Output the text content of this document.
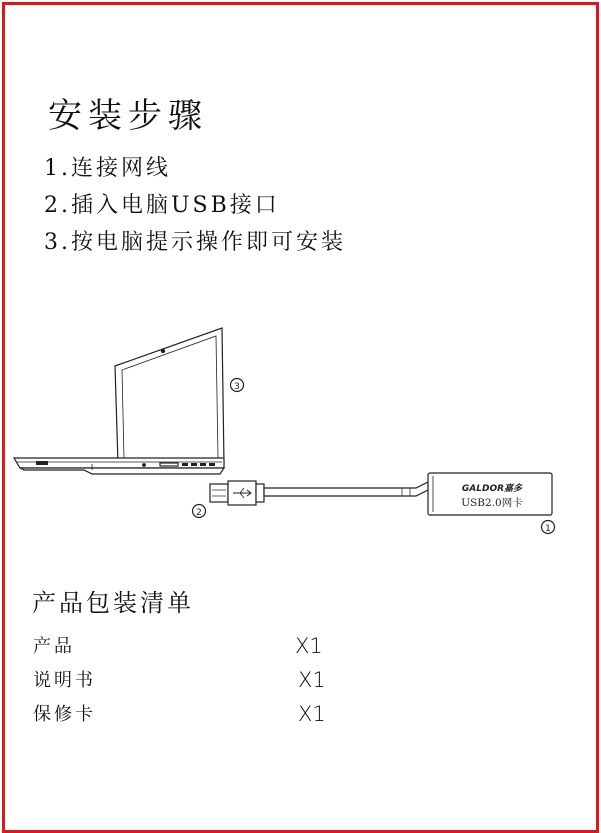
安装步骤
1.连接网线
2.插入电脑USB接口
3.按电脑提示操作即可安装
3
2
1
GALDOR嘉多
USB2.0网卡
产品包装清单
产品	X1
说明书	X1
保修卡	X1
